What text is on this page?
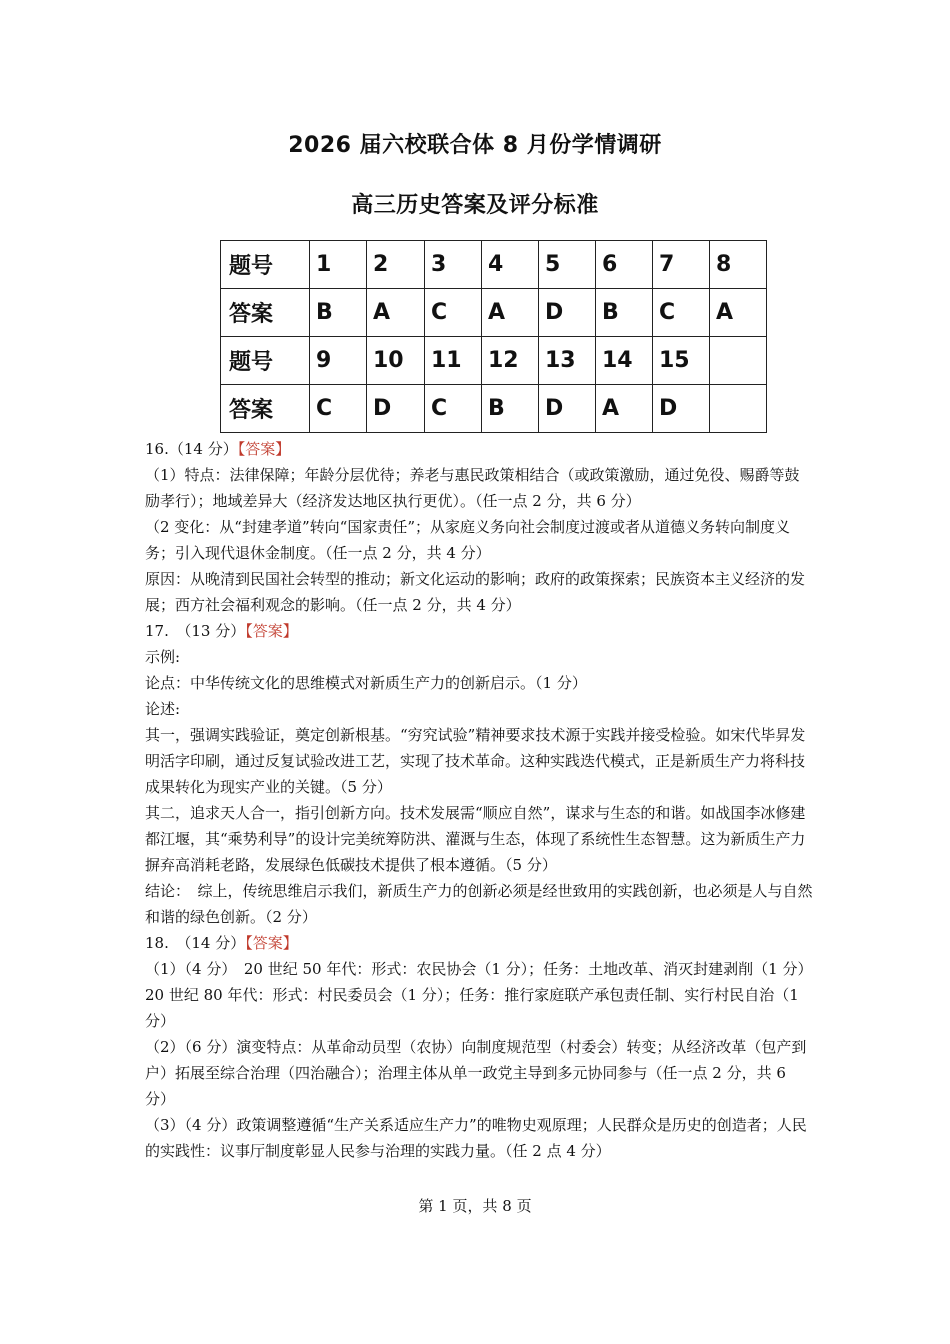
2026 届六校联合体 8 月份学情调研
高三历史答案及评分标准
题号	1	2	3	4	5	6	7	8
答案	B	A	C	A	D	B	C	A
题号	9	10	11	12	13	14	15	
答案	C	D	C	B	D	A	D	

16.（14 分）【答案】

（1）特点：法律保障；年龄分层优待；养老与惠民政策相结合（或政策激励，通过免役、赐爵等鼓励孝行）；地域差异大（经济发达地区执行更优）。（任一点 2 分，共 6 分）

（2 变化：从“封建孝道”转向“国家责任”；从家庭义务向社会制度过渡或者从道德义务转向制度义务；引入现代退休金制度。（任一点 2 分，共 4 分）

原因：从晚清到民国社会转型的推动；新文化运动的影响；政府的政策探索；民族资本主义经济的发展；西方社会福利观念的影响。（任一点 2 分，共 4 分）

17.　（13 分）【答案】

示例:

论点：中华传统文化的思维模式对新质生产力的创新启示。（1 分）

论述:

其一，强调实践验证，奠定创新根基。“穷究试验”精神要求技术源于实践并接受检验。如宋代毕昇发明活字印刷，通过反复试验改进工艺，实现了技术革命。这种实践迭代模式，正是新质生产力将科技成果转化为现实产业的关键。（5 分）

其二，追求天人合一，指引创新方向。技术发展需“顺应自然”，谋求与生态的和谐。如战国李冰修建都江堰，其“乘势利导”的设计完美统筹防洪、灌溉与生态，体现了系统性生态智慧。这为新质生产力摒弃高消耗老路，发展绿色低碳技术提供了根本遵循。（5 分）

结论：　综上，传统思维启示我们，新质生产力的创新必须是经世致用的实践创新，也必须是人与自然和谐的绿色创新。（2 分）

18.　（14 分）【答案】

（1）（4 分）　20 世纪 50 年代：形式：农民协会（1 分）；任务：土地改革、消灭封建剥削（1 分）

20 世纪 80 年代：形式：村民委员会（1 分）；任务：推行家庭联产承包责任制、实行村民自治（1 分）

（2）（6 分）演变特点：从革命动员型（农协）向制度规范型（村委会）转变；从经济改革（包产到户）拓展至综合治理（四治融合）；治理主体从单一政党主导到多元协同参与（任一点 2 分，共 6 分）

（3）（4 分）政策调整遵循“生产关系适应生产力”的唯物史观原理；人民群众是历史的创造者；人民的实践性：议事厅制度彰显人民参与治理的实践力量。（任 2 点 4 分）

第 1 页，共 8 页
